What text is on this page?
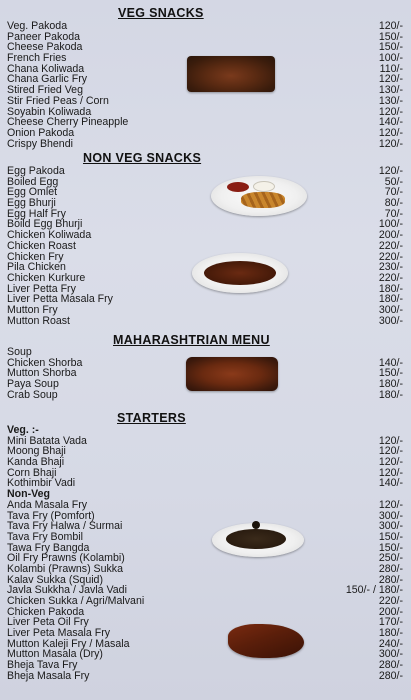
VEG SNACKS
Veg. Pakoda	120/-
Paneer Pakoda	150/-
Cheese Pakoda	150/-
French Fries	100/-
Chana Koliwada	110/-
Chana Garlic Fry	120/-
Stired Fried Veg	130/-
Stir Fried Peas / Corn	130/-
Soyabin Koliwada	120/-
Cheese Cherry Pineapple	140/-
Onion Pakoda	120/-
Crispy Bhendi	120/-
NON VEG SNACKS
Egg Pakoda	120/-
Boiled Egg	50/-
Egg Omlet	70/-
Egg Bhurji	80/-
Egg Half Fry	70/-
Boild Egg Bhurji	100/-
Chicken Koliwada	200/-
Chicken Roast	220/-
Chicken Fry	220/-
Pila Chicken	230/-
Chicken Kurkure	220/-
Liver Petta Fry	180/-
Liver Petta Masala Fry	180/-
Mutton Fry	300/-
Mutton Roast	300/-
MAHARASHTRIAN MENU
Soup
Chicken Shorba	140/-
Mutton Shorba	150/-
Paya Soup	180/-
Crab Soup	180/-
STARTERS
Veg. :-
Mini Batata Vada	120/-
Moong Bhaji	120/-
Kanda Bhaji	120/-
Corn Bhaji	120/-
Kothimbir Vadi	140/-
Non-Veg
Anda Masala Fry	120/-
Tava Fry (Pomfort)	300/-
Tava Fry Halwa / Surmai	300/-
Tava Fry Bombil	150/-
Tawa Fry Bangda	150/-
Oil Fry Prawns (Kolambi)	250/-
Kolambi (Prawns) Sukka	280/-
Kalav Sukka (Squid)	280/-
Javla Sukkha / Javla Vadi	150/- / 180/-
Chicken Sukka / Agri/Malvani	220/-
Chicken Pakoda	200/-
Liver Peta Oil Fry	170/-
Liver Peta Masala Fry	180/-
Mutton Kaleji Fry / Masala	240/-
Mutton Masala (Dry)	300/-
Bheja Tava Fry	280/-
Bheja Masala Fry	280/-
